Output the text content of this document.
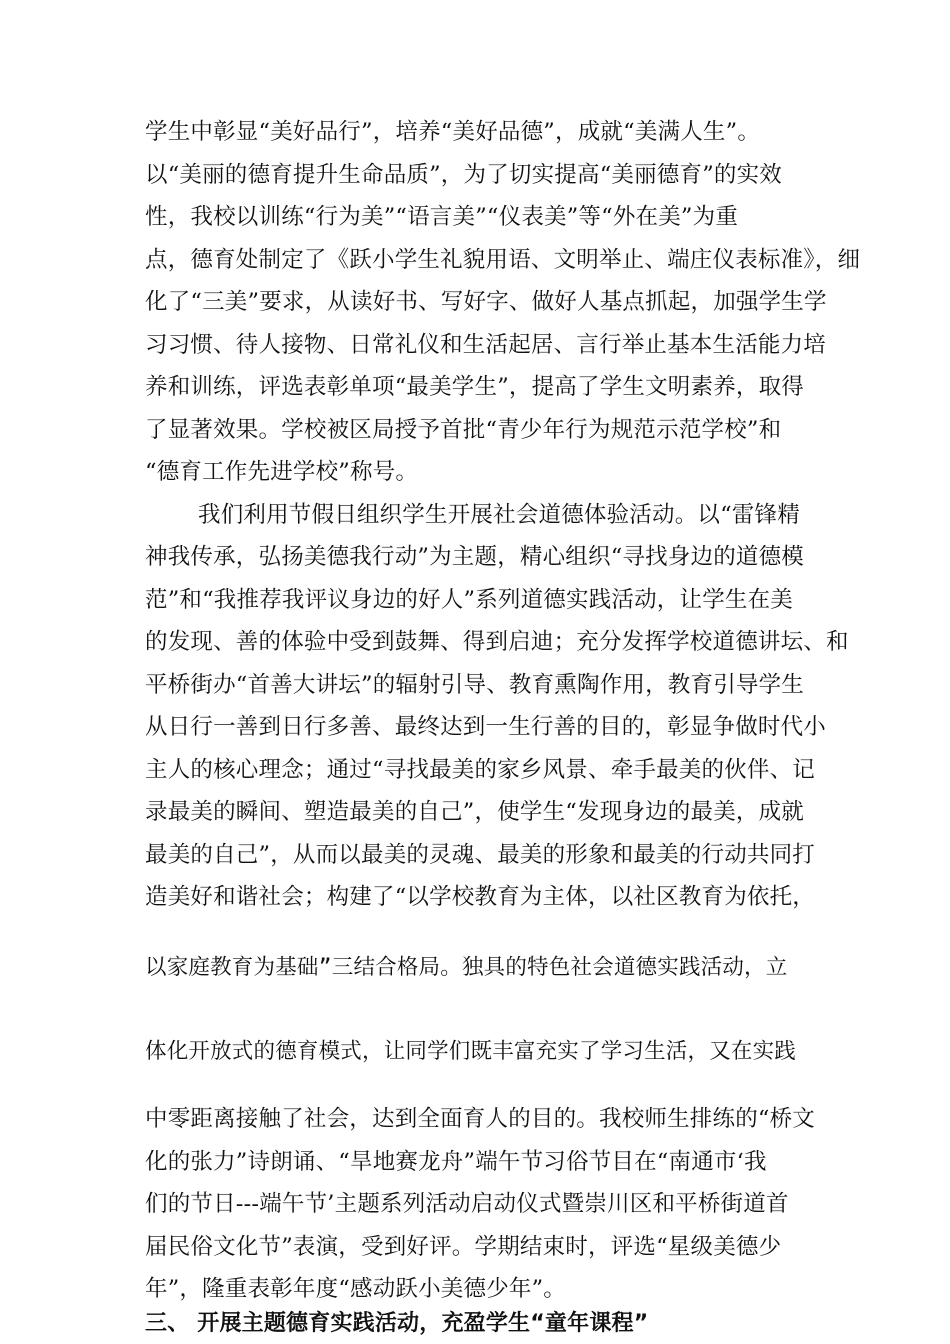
学生中彰显“美好品行”，培养“美好品德”，成就“美满人生”。
以“美丽的德育提升生命品质”，为了切实提高“美丽德育”的实效
性，我校以训练“行为美”“语言美”“仪表美”等“外在美”为重
点，德育处制定了《跃小学生礼貌用语、文明举止、端庄仪表标准》，细
化了“三美”要求，从读好书、写好字、做好人基点抓起，加强学生学
习习惯、待人接物、日常礼仪和生活起居、言行举止基本生活能力培
养和训练，评选表彰单项“最美学生”，提高了学生文明素养，取得
了显著效果。学校被区局授予首批“青少年行为规范示范学校”和
“德育工作先进学校”称号。
我们利用节假日组织学生开展社会道德体验活动。以“雷锋精
神我传承，弘扬美德我行动”为主题，精心组织“寻找身边的道德模
范”和“我推荐我评议身边的好人”系列道德实践活动，让学生在美
的发现、善的体验中受到鼓舞、得到启迪；充分发挥学校道德讲坛、和
平桥街办“首善大讲坛”的辐射引导、教育熏陶作用，教育引导学生
从日行一善到日行多善、最终达到一生行善的目的，彰显争做时代小
主人的核心理念；通过“寻找最美的家乡风景、牵手最美的伙伴、记
录最美的瞬间、塑造最美的自己”，使学生“发现身边的最美，成就
最美的自己”，从而以最美的灵魂、最美的形象和最美的行动共同打
造美好和谐社会；构建了“以学校教育为主体，以社区教育为依托，
以家庭教育为基础”三结合格局。独具的特色社会道德实践活动，立
体化开放式的德育模式，让同学们既丰富充实了学习生活，又在实践
中零距离接触了社会，达到全面育人的目的。我校师生排练的“桥文
化的张力”诗朗诵、“旱地赛龙舟”端午节习俗节目在“南通市‘我
们的节日---端午节’主题系列活动启动仪式暨崇川区和平桥街道首
届民俗文化节”表演，受到好评。学期结束时，评选“星级美德少
年”，隆重表彰年度“感动跃小美德少年”。
三、 开展主题德育实践活动，充盈学生“童年课程”
